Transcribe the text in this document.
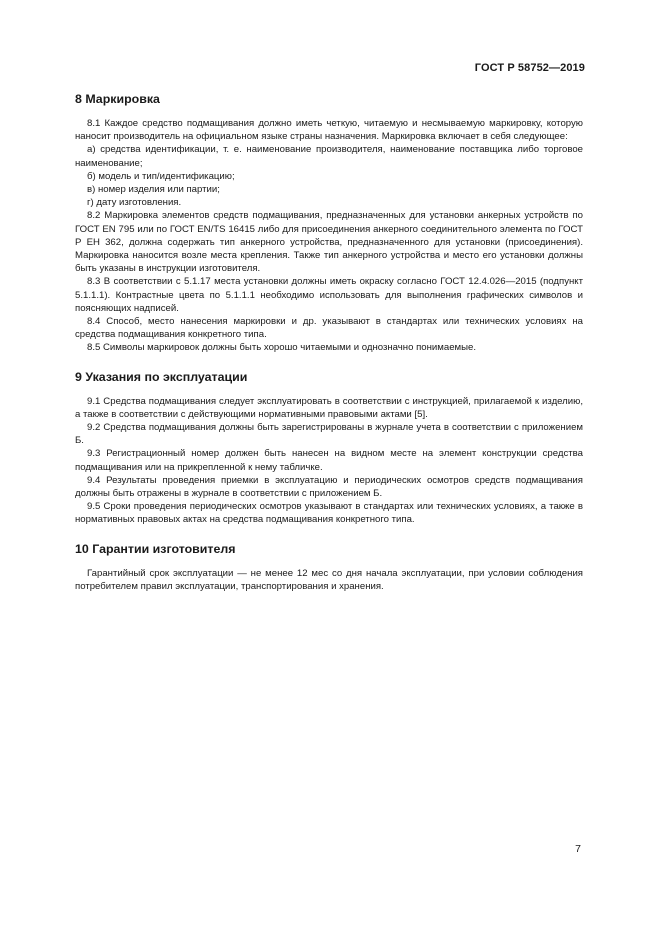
ГОСТ Р 58752—2019
8 Маркировка

8.1 Каждое средство подмащивания должно иметь четкую, читаемую и несмываемую маркировку, которую наносит производитель на официальном языке страны назначения. Маркировка включает в себя следующее:

а) средства идентификации, т. е. наименование производителя, наименование поставщика либо торговое наименование;

б) модель и тип/идентификацию;

в) номер изделия или партии;

г) дату изготовления.

8.2 Маркировка элементов средств подмащивания, предназначенных для установки анкерных устройств по ГОСТ EN 795 или по ГОСТ EN/TS 16415 либо для присоединения анкерного соединительного элемента по ГОСТ Р ЕН 362, должна содержать тип анкерного устройства, предназначенного для установки (присоединения). Маркировка наносится возле места крепления. Также тип анкерного устройства и место его установки должны быть указаны в инструкции изготовителя.

8.3 В соответствии с 5.1.17 места установки должны иметь окраску согласно ГОСТ 12.4.026—2015 (подпункт 5.1.1.1). Контрастные цвета по 5.1.1.1 необходимо использовать для выполнения графических символов и поясняющих надписей.

8.4 Способ, место нанесения маркировки и др. указывают в стандартах или технических условиях на средства подмащивания конкретного типа.

8.5 Символы маркировок должны быть хорошо читаемыми и однозначно понимаемые.

9 Указания по эксплуатации

9.1 Средства подмащивания следует эксплуатировать в соответствии с инструкцией, прилагаемой к изделию, а также в соответствии с действующими нормативными правовыми актами [5].

9.2 Средства подмащивания должны быть зарегистрированы в журнале учета в соответствии с приложением Б.

9.3 Регистрационный номер должен быть нанесен на видном месте на элемент конструкции средства подмащивания или на прикрепленной к нему табличке.

9.4 Результаты проведения приемки в эксплуатацию и периодических осмотров средств подмащивания должны быть отражены в журнале в соответствии с приложением Б.

9.5 Сроки проведения периодических осмотров указывают в стандартах или технических условиях, а также в нормативных правовых актах на средства подмащивания конкретного типа.

10 Гарантии изготовителя

Гарантийный срок эксплуатации — не менее 12 мес со дня начала эксплуатации, при условии соблюдения потребителем правил эксплуатации, транспортирования и хранения.

7
